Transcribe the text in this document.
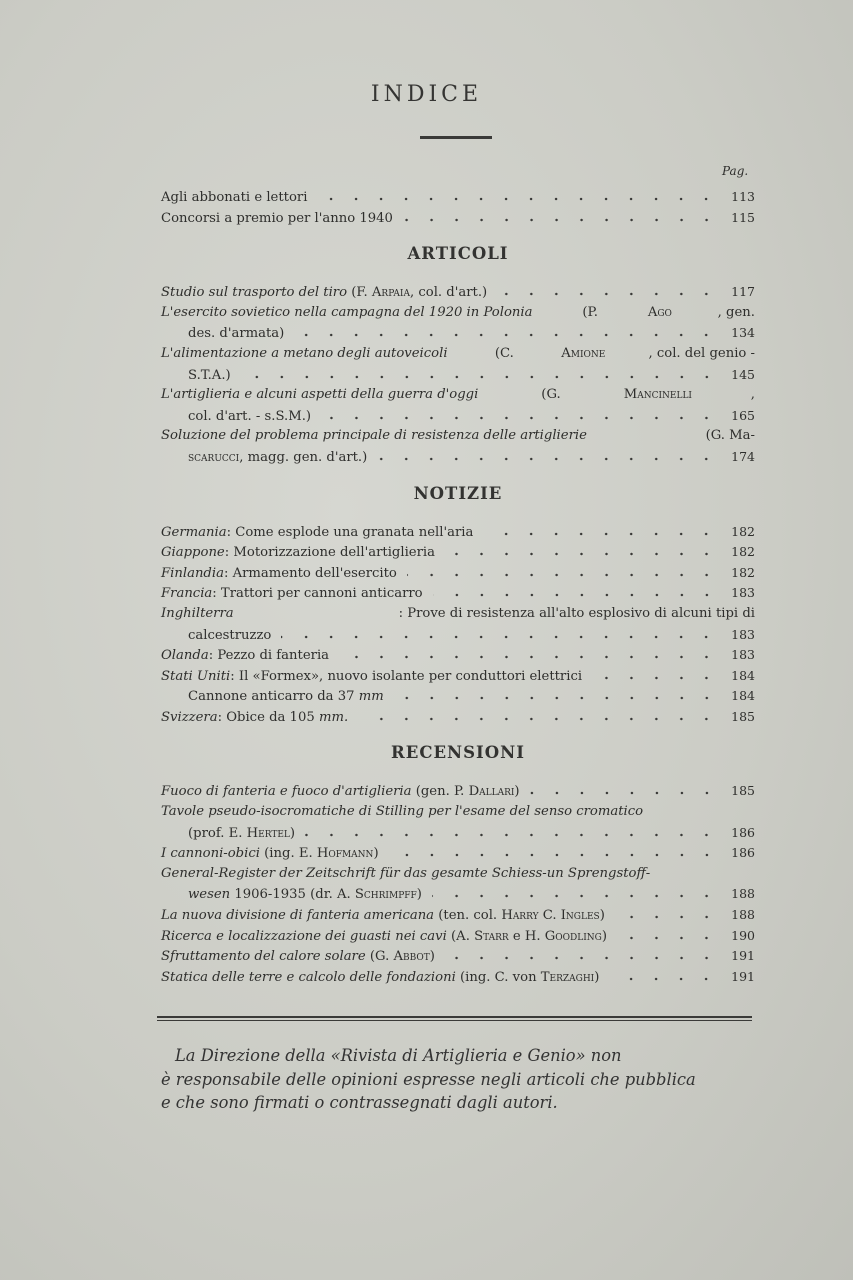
INDICE
Pag.
Agli abbonati e lettori	113
Concorsi a premio per l'anno 1940	115
ARTICOLI
Studio sul trasporto del tiro (F. Arpaia, col. d'art.)	117
L'esercito sovietico nella campagna del 1920 in Polonia	(P.	Ago	, gen.
des. d'armata)	134
L'alimentazione a metano degli autoveicoli	(C.	Amione	, col. del genio -
S.T.A.)	145
L'artiglieria e alcuni aspetti della guerra d'oggi	(G.	Mancinelli	,
col. d'art. - s.S.M.)	165
Soluzione del problema principale di resistenza delle artiglierie	(G. Ma-
scarucci, magg. gen. d'art.)	174
NOTIZIE
Germania: Come esplode una granata nell'aria	182
Giappone: Motorizzazione dell'artiglieria	182
Finlandia: Armamento dell'esercito	182
Francia: Trattori per cannoni anticarro	183
Inghilterra	: Prove di resistenza all'alto esplosivo di alcuni tipi di
calcestruzzo	183
Olanda: Pezzo di fanteria	183
Stati Uniti: Il «Formex», nuovo isolante per conduttori elettrici	184
Cannone anticarro da 37 mm	184
Svizzera: Obice da 105 mm.	185
RECENSIONI
Fuoco di fanteria e fuoco d'artiglieria (gen. P. Dallari)	185
Tavole pseudo-isocromatiche di Stilling per l'esame del senso cromatico
(prof. E. Hertel)	186
I cannoni-obici (ing. E. Hofmann)	186
General-Register der Zeitschrift für das gesamte Schiess-un Sprengstoff-
wesen 1906-1935 (dr. A. Schrimpff)	188
La nuova divisione di fanteria americana (ten. col. Harry C. Ingles)	188
Ricerca e localizzazione dei guasti nei cavi (A. Starr e H. Goodling)	190
Sfruttamento del calore solare (G. Abbot)	191
Statica delle terre e calcolo delle fondazioni (ing. C. von Terzaghi)	191

La Direzione della «Rivista di Artiglieria e Genio» non

è responsabile delle opinioni espresse negli articoli che pubblica

e che sono firmati o contrassegnati dagli autori.
